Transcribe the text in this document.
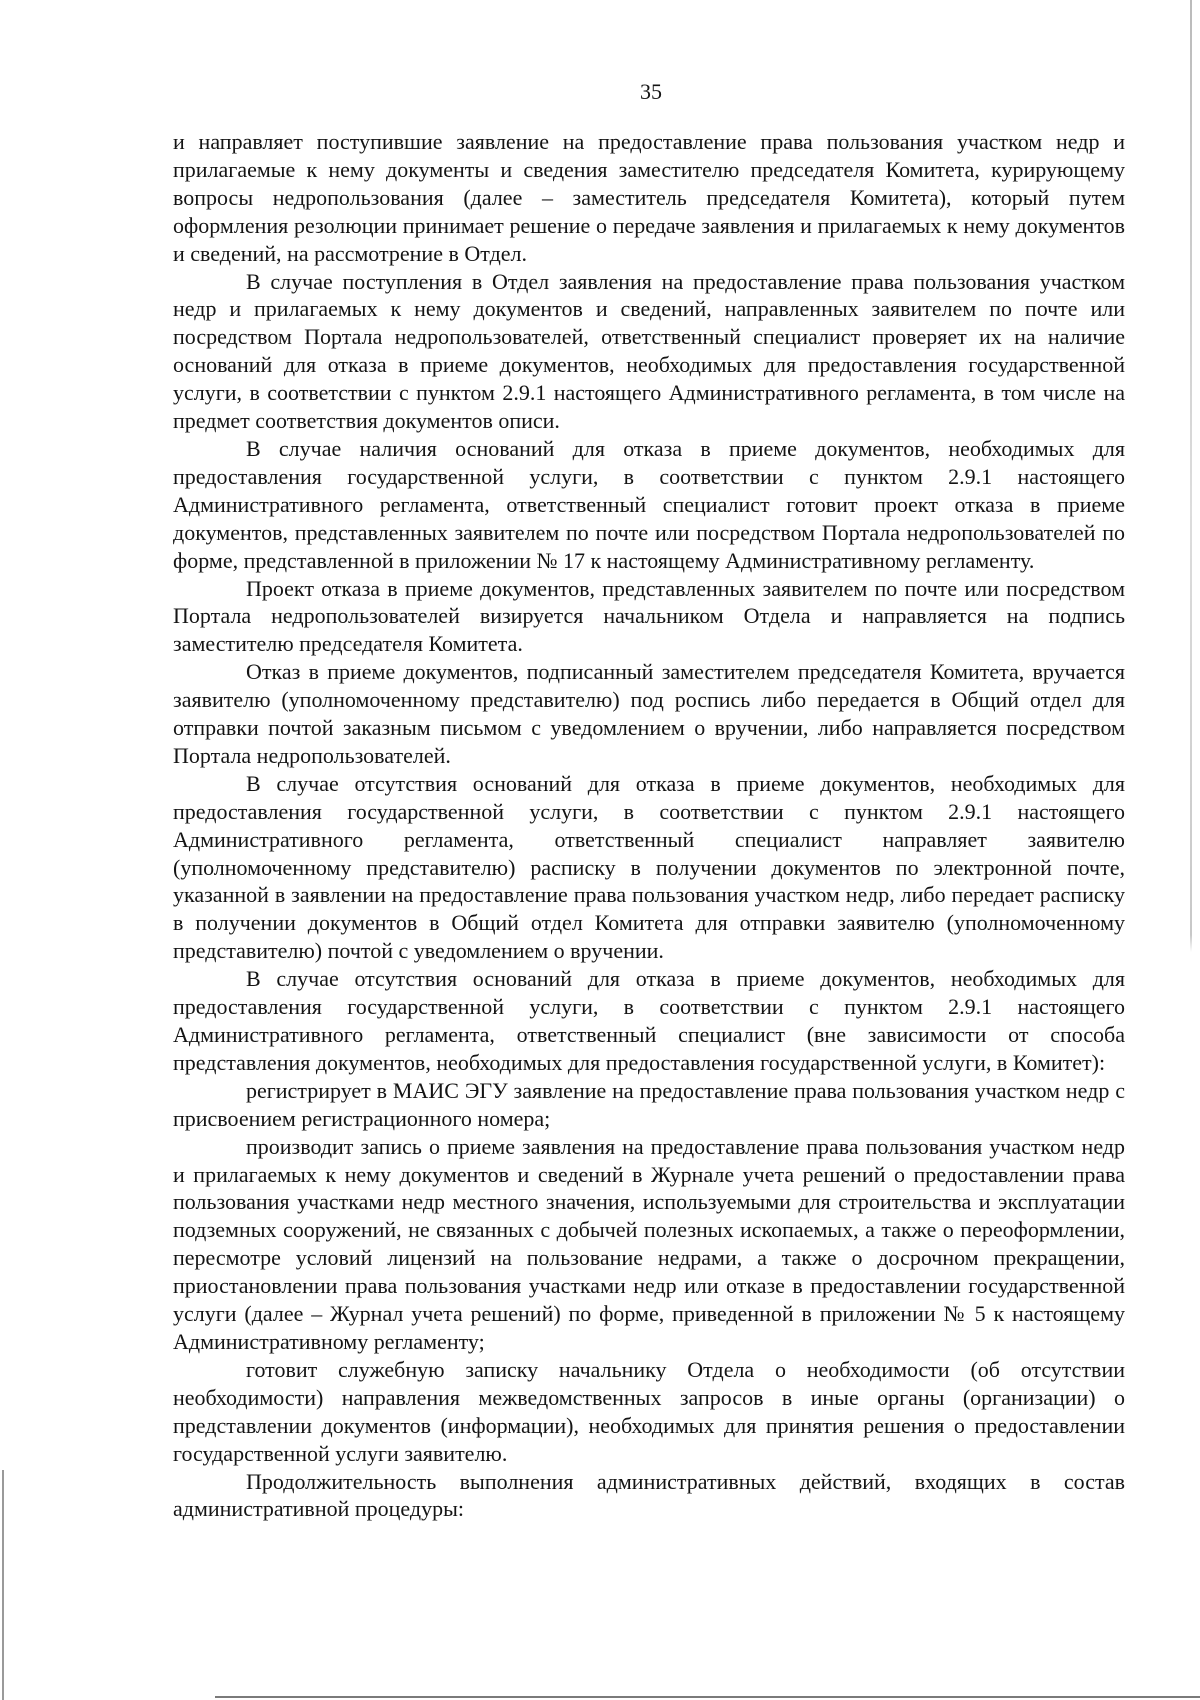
35

и направляет поступившие заявление на предоставление права пользования участком недр и прилагаемые к нему документы и сведения заместителю председателя Комитета, курирующему вопросы недропользования (далее – заместитель председателя Комитета), который путем оформления резолюции принимает решение о передаче заявления и прилагаемых к нему документов и сведений, на рассмотрение в Отдел.

В случае поступления в Отдел заявления на предоставление права пользования участком недр и прилагаемых к нему документов и сведений, направленных заявителем по почте или посредством Портала недропользователей, ответственный специалист проверяет их на наличие оснований для отказа в приеме документов, необходимых для предоставления государственной услуги, в соответствии с пунктом 2.9.1 настоящего Административного регламента, в том числе на предмет соответствия документов описи.

В случае наличия оснований для отказа в приеме документов, необходимых для предоставления государственной услуги, в соответствии с пунктом 2.9.1 настоящего Административного регламента, ответственный специалист готовит проект отказа в приеме документов, представленных заявителем по почте или посредством Портала недропользователей по форме, представленной в приложении № 17 к настоящему Административному регламенту.

Проект отказа в приеме документов, представленных заявителем по почте или посредством Портала недропользователей визируется начальником Отдела и направляется на подпись заместителю председателя Комитета.

Отказ в приеме документов, подписанный заместителем председателя Комитета, вручается заявителю (уполномоченному представителю) под роспись либо передается в Общий отдел для отправки почтой заказным письмом с уведомлением о вручении, либо направляется посредством Портала недропользователей.

В случае отсутствия оснований для отказа в приеме документов, необходимых для предоставления государственной услуги, в соответствии с пунктом 2.9.1 настоящего Административного регламента, ответственный специалист направляет заявителю (уполномоченному представителю) расписку в получении документов по электронной почте, указанной в заявлении на предоставление права пользования участком недр, либо передает расписку в получении документов в Общий отдел Комитета для отправки заявителю (уполномоченному представителю) почтой с уведомлением о вручении.

В случае отсутствия оснований для отказа в приеме документов, необходимых для предоставления государственной услуги, в соответствии с пунктом 2.9.1 настоящего Административного регламента, ответственный специалист (вне зависимости от способа представления документов, необходимых для предоставления государственной услуги, в Комитет):

регистрирует в МАИС ЭГУ заявление на предоставление права пользования участком недр с присвоением регистрационного номера;

производит запись о приеме заявления на предоставление права пользования участком недр и прилагаемых к нему документов и сведений в Журнале учета решений о предоставлении права пользования участками недр местного значения, используемыми для строительства и эксплуатации подземных сооружений, не связанных с добычей полезных ископаемых, а также о переоформлении, пересмотре условий лицензий на пользование недрами, а также о досрочном прекращении, приостановлении права пользования участками недр или отказе в предоставлении государственной услуги (далее – Журнал учета решений) по форме, приведенной в приложении № 5 к настоящему Административному регламенту;

готовит служебную записку начальнику Отдела о необходимости (об отсутствии необходимости) направления межведомственных запросов в иные органы (организации) о представлении документов (информации), необходимых для принятия решения о предоставлении государственной услуги заявителю.

Продолжительность выполнения административных действий, входящих в состав административной процедуры:
